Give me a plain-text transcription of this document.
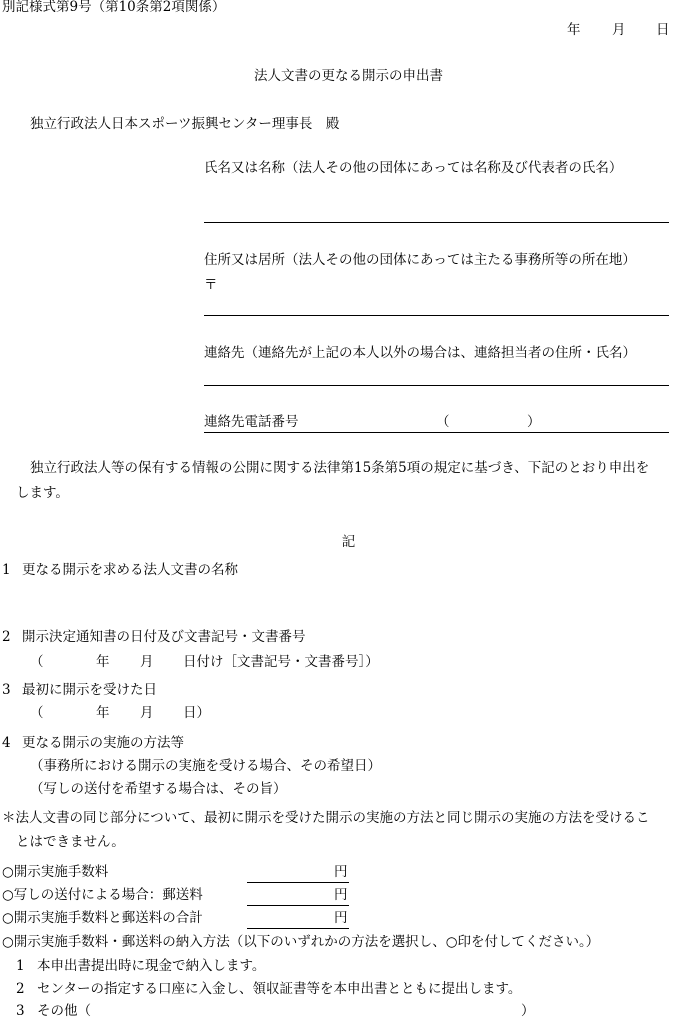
別記様式第9号（第10条第2項関係）
年 月 日
法人文書の更なる開示の申出書
独立行政法人日本スポーツ振興センター理事長　殿
氏名又は名称（法人その他の団体にあっては名称及び代表者の氏名）
住所又は居所（法人その他の団体にあっては主たる事務所等の所在地）
〒
連絡先（連絡先が上記の本人以外の場合は、連絡担当者の住所・氏名）
連絡先電話番号	（	）
独立行政法人等の保有する情報の公開に関する法律第15条第5項の規定に基づき、下記のとおり申出を
します。
記
1 更なる開示を求める法人文書の名称
2 開示決定通知書の日付及び文書記号・文書番号
（	年 月 日付け［文書記号・文書番号］）
3 最初に開示を受けた日
（	年 月 日）
4 更なる開示の実施の方法等
（事務所における開示の実施を受ける場合、その希望日）
（写しの送付を希望する場合は、その旨）
＊法人文書の同じ部分について、最初に開示を受けた開示の実施の方法と同じ開示の実施の方法を受けるこ
とはできません。
○開示実施手数料	円
○写しの送付による場合：郵送料	円
○開示実施手数料と郵送料の合計	円
○開示実施手数料・郵送料の納入方法（以下のいずれかの方法を選択し、○印を付してください。）
1 本申出書提出時に現金で納入します。
2 センターの指定する口座に入金し、領収証書等を本申出書とともに提出します。
3 その他（	）
